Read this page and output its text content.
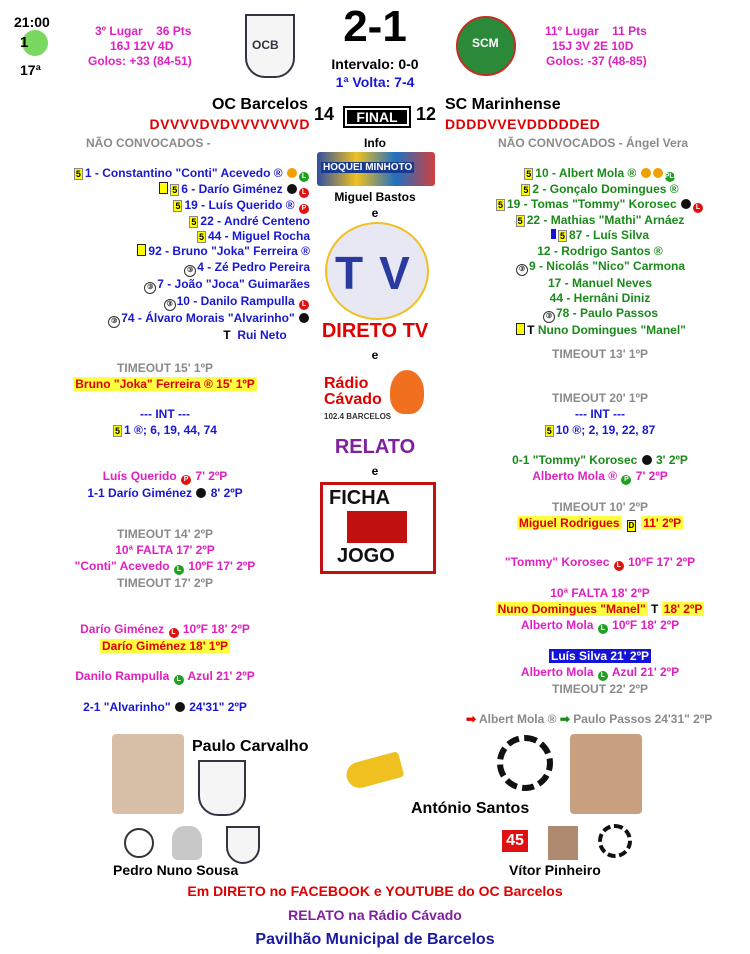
21:00
1
17ª
3º Lugar 36 Pts
16J 12V 4D
Golos: +33 (84-51)
OCB	2-1
Intervalo: 0-0
1ª Volta: 7-4
SCM
11º Lugar 11 Pts
15J 3V 2E 10D
Golos: -37 (48-85)
OC Barcelos	SC Marinhense
DVVVVDVDVVVVVVVD	DDDDVVEVDDDDDED
14	FINAL	12
NÃO CONVOCADOS -	NÃO CONVOCADOS - Ángel Vera
5 1 - Constantino "Conti" Acevedo ®	L
5 6 - Darío Giménez	L
5 19 - Luís Querido ® P
5 22 - André Centeno
5 44 - Miguel Rocha
92 - Bruno "Joka" Ferreira ®
③ 4 - Zé Pedro Pereira
③ 7 - João "Joca" Guimarães
③ 10 - Danilo Rampulla L
③ 74 - Álvaro Morais "Alvarinho"
T Rui Neto
5 10 - Albert Mola ®	PLL
5 2 - Gonçalo Domingues ®
5 19 - Tomas "Tommy" Korosec	L
5 22 - Mathias "Mathi" Arnáez
5 87 - Luís Silva
12 - Rodrigo Santos ®
③ 9 - Nicolás "Nico" Carmona
17 - Manuel Neves
44 - Hernâni Diniz
③ 78 - Paulo Passos
T Nuno Domingues "Manel"
Info
HOQUEI MINHOTO
Miguel Bastos
e
TV
DIRETO TV
e
Rádio Cávado
102.4 BARCELOS
RELATO
e
FICHA
JOGO
TIMEOUT 15' 1ºP
Bruno "Joka" Ferreira ® 15' 1ºP
--- INT ---
5 1 ®; 6, 19, 44, 74
Luís Querido P 7' 2ºP
1-1 Darío Giménez 8' 2ºP
TIMEOUT 14' 2ºP
10ª FALTA 17' 2ºP
"Conti" Acevedo L 10ºF 17' 2ºP
TIMEOUT 17' 2ºP
Darío Giménez L 10ºF 18' 2ºP
Darío Giménez 18' 1ºP
Danilo Rampulla L Azul 21' 2ºP
2-1 "Alvarinho" 24'31" 2ºP
TIMEOUT 13' 1ºP
TIMEOUT 20' 1ºP
--- INT ---
5 10 ®; 2, 19, 22, 87
0-1 "Tommy" Korosec 3' 2ºP
Alberto Mola ® P 7' 2ºP
TIMEOUT 10' 2ºP
Miguel Rodrigues D 11' 2ºP
"Tommy" Korosec L 10ºF 17' 2ºP
10ª FALTA 18' 2ºP
Nuno Domingues "Manel" T 18' 2ºP
Alberto Mola L 10ºF 18' 2ºP
Luís Silva 21' 2ºP
Alberto Mola L Azul 21' 2ºP
TIMEOUT 22' 2ºP
➡ Albert Mola ® ➡ Paulo Passos 24'31" 2ºP
Paulo Carvalho
António Santos
Pedro Nuno Sousa
45
Vítor Pinheiro
Em DIRETO no FACEBOOK e YOUTUBE do OC Barcelos
RELATO na Rádio Cávado
Pavilhão Municipal de Barcelos
